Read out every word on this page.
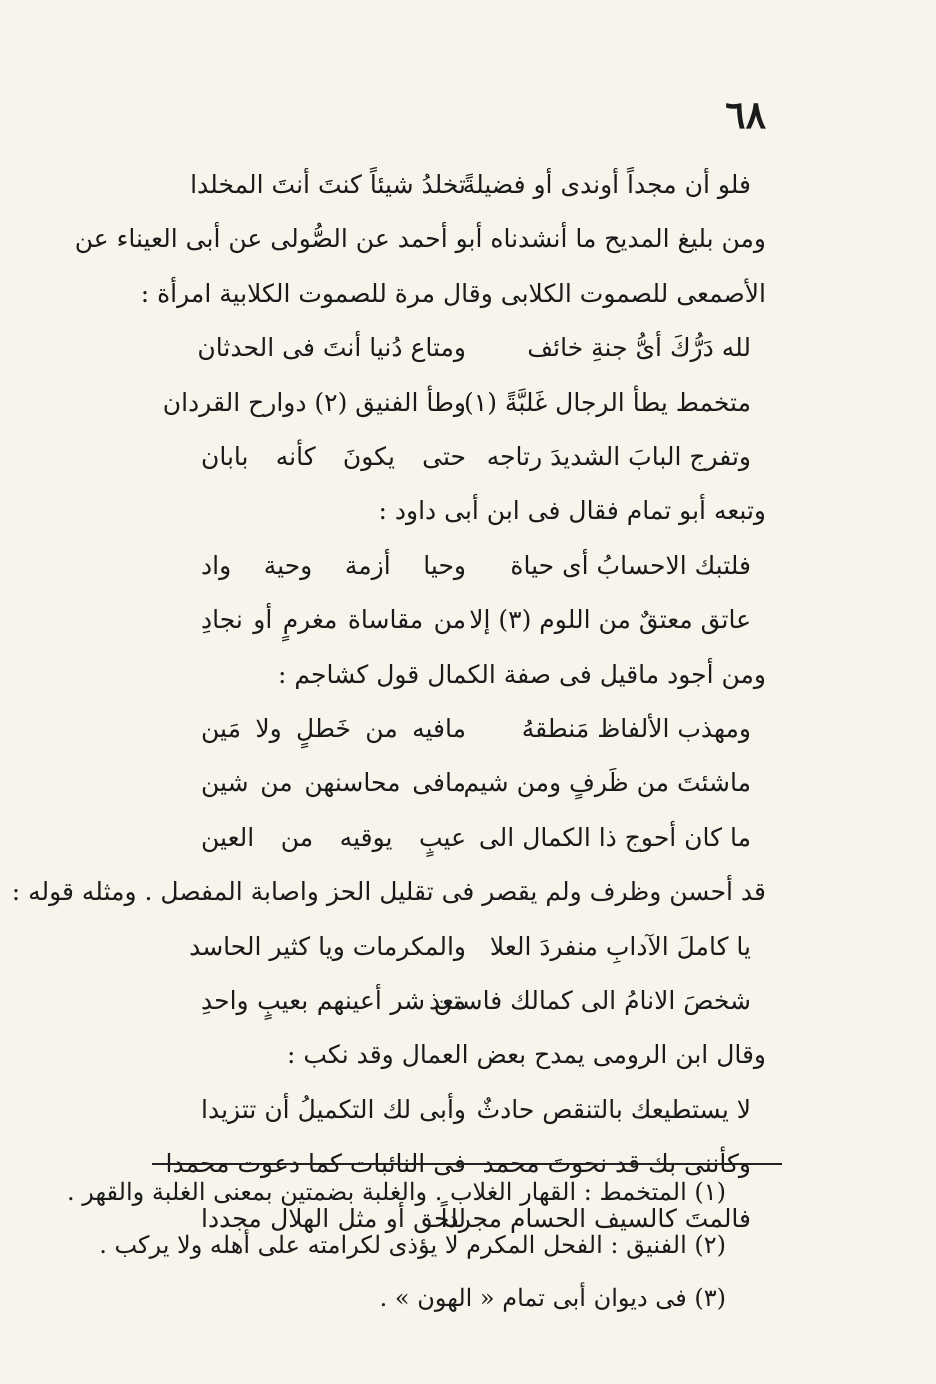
٦٨
فلو أن مجداً أوندى أو فضيلةً
تخلدُ شيئاً كنتَ أنتَ المخلدا
ومن بليغ المديح ما أنشدناه أبو أحمد عن الصُّولى عن أبى العيناء عن
الأصمعى للصموت الكلابى وقال مرة للصموت الكلابية امرأة :
لله دَرُّكَ أىُّ جنةِ خائف
ومتاع دُنيا أنتَ فى الحدثان
متخمط يطأ الرجال غَلبَّةً (١)
وطأ الفنيق (٢) دوارح القردان
وتفرج البابَ الشديدَ رتاجه
حتى يكونَ كأنه بابان
وتبعه أبو تمام فقال فى ابن أبى داود :
فلتبك الاحسابُ أى حياة
وحيا أزمة وحية واد
عاتق معتقٌ من اللوم (٣) إلا
من مقاساة مغرمٍ أو نجادِ
ومن أجود ماقيل فى صفة الكمال قول كشاجم :
ومهذب الألفاظ مَنطقهُ
مافيه من خَطلٍ ولا مَين
ماشئتَ من ظَرفٍ ومن شيم
مافى محاسنهن من شين
ما كان أحوج ذا الكمال الى
عيبٍ يوقيه من العين
قد أحسن وظرف ولم يقصر فى تقليل الحز واصابة المفصل . ومثله قوله :
يا كاملَ الآدابِ منفردَ العلا
والمكرمات ويا كثير الحاسد
شخصَ الانامُ الى كمالك فاستعذ
من شر أعينهم بعيبٍ واحدِ
وقال ابن الرومى يمدح بعض العمال وقد نكب :
لا يستطيعك بالتنقص حادثٌ
وأبى لك التكميلُ أن تتزيدا
وكأننى بك قد نحوتَ محمد
فى النائبات كما دعوت محمدا
فالمتَ كالسيف الحسام مجرداً
للحق أو مثل الهلال مجددا
(١) المتخمط : القهار الغلاب . والغلبة بضمتين بمعنى الغلبة والقهر .
(٢) الفنيق : الفحل المكرم لا يؤذى لكرامته على أهله ولا يركب .
(٣) فى ديوان أبى تمام « الهون » .
